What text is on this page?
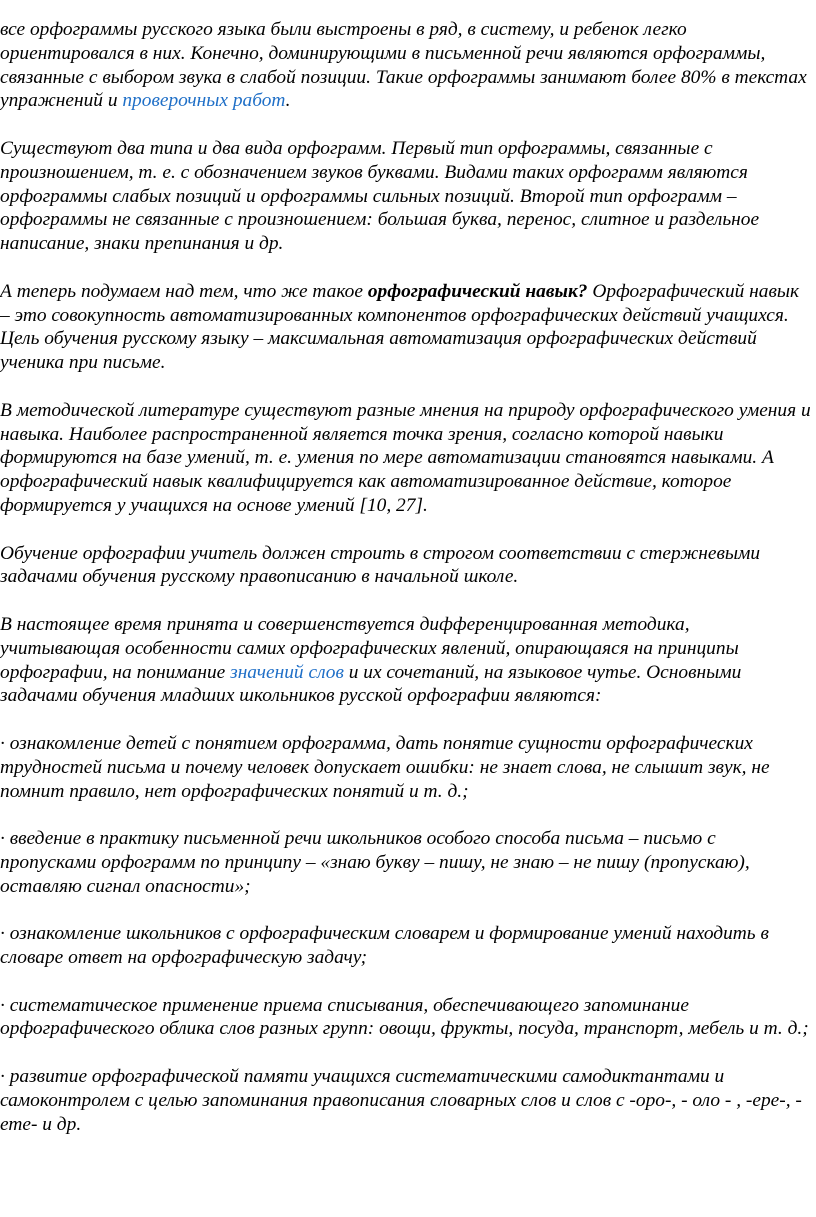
все орфограммы русского языка были выстроены в ряд, в систему, и ребенок легко ориентировался в них. Конечно, доминирующими в письменной речи являются орфограммы, связанные с выбором звука в слабой позиции. Такие орфограммы занимают более 80% в текстах упражнений и проверочных работ.

Существуют два типа и два вида орфограмм. Первый тип орфограммы, связанные с произношением, т. е. с обозначением звуков буквами. Видами таких орфограмм являются орфограммы слабых позиций и орфограммы сильных позиций. Второй тип орфограмм – орфограммы не связанные с произношением: большая буква, перенос, слитное и раздельное написание, знаки препинания и др.

А теперь подумаем над тем, что же такое орфографический навык? Орфографический навык – это совокупность автоматизированных компонентов орфографических действий учащихся. Цель обучения русскому языку – максимальная автоматизация орфографических действий ученика при письме.

В методической литературе существуют разные мнения на природу орфографического умения и навыка. Наиболее распространенной является точка зрения, согласно которой навыки формируются на базе умений, т. е. умения по мере автоматизации становятся навыками. А орфографический навык квалифицируется как автоматизированное действие, которое формируется у учащихся на основе умений [10, 27].

Обучение орфографии учитель должен строить в строгом соответствии с стержневыми задачами обучения русскому правописанию в начальной школе.

В настоящее время принята и совершенствуется дифференцированная методика, учитывающая особенности самих орфографических явлений, опирающаяся на принципы орфографии, на понимание значений слов и их сочетаний, на языковое чутье. Основными задачами обучения младших школьников русской орфографии являются:

· ознакомление детей с понятием орфограмма, дать понятие сущности орфографических трудностей письма и почему человек допускает ошибки: не знает слова, не слышит звук, не помнит правило, нет орфографических понятий и т. д.;

· введение в практику письменной речи школьников особого способа письма – письмо с пропусками орфограмм по принципу – «знаю букву – пишу, не знаю – не пишу (пропускаю), оставляю сигнал опасности»;

· ознакомление школьников с орфографическим словарем и формирование умений находить в словаре ответ на орфографическую задачу;

· систематическое применение приема списывания, обеспечивающего запоминание орфографического облика слов разных групп: овощи, фрукты, посуда, транспорт, мебель и т. д.;

· развитие орфографической памяти учащихся систематическими самодиктантами и самоконтролем с целью запоминания правописания словарных слов и слов с -оро-, - оло - , -ере-, - ете- и др.
